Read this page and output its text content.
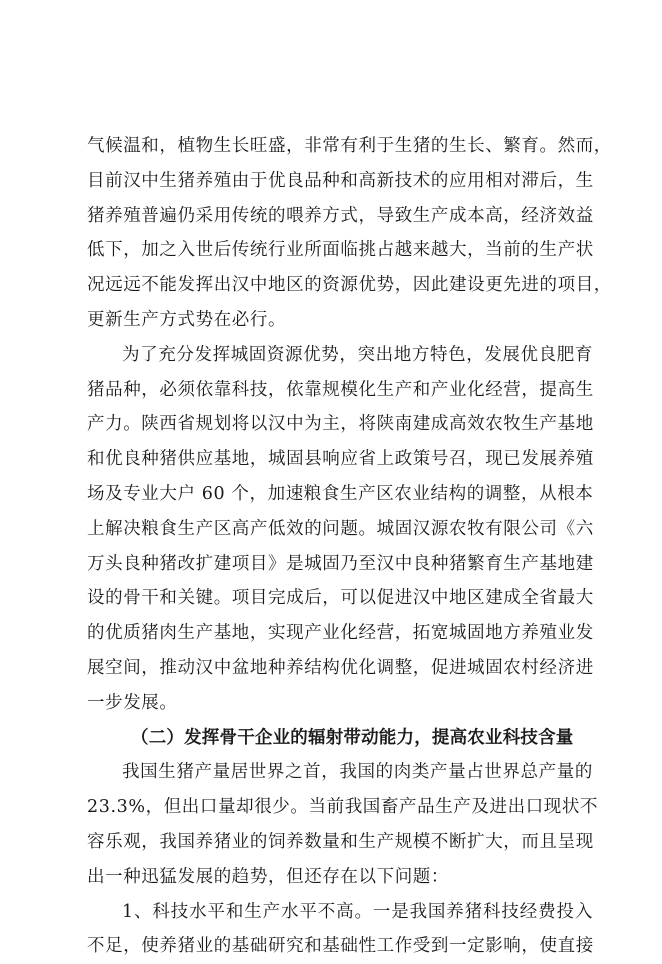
气候温和，植物生长旺盛，非常有利于生猪的生长、繁育。然而，
目前汉中生猪养殖由于优良品种和高新技术的应用相对滞后，生
猪养殖普遍仍采用传统的喂养方式，导致生产成本高，经济效益
低下，加之入世后传统行业所面临挑占越来越大，当前的生产状
况远远不能发挥出汉中地区的资源优势，因此建设更先进的项目，
更新生产方式势在必行。
为了充分发挥城固资源优势，突出地方特色，发展优良肥育
猪品种，必须依靠科技，依靠规模化生产和产业化经营，提高生
产力。陕西省规划将以汉中为主，将陕南建成高效农牧生产基地
和优良种猪供应基地，城固县响应省上政策号召，现已发展养殖
场及专业大户 60 个，加速粮食生产区农业结构的调整，从根本
上解决粮食生产区高产低效的问题。城固汉源农牧有限公司《六
万头良种猪改扩建项目》是城固乃至汉中良种猪繁育生产基地建
设的骨干和关键。项目完成后，可以促进汉中地区建成全省最大
的优质猪肉生产基地，实现产业化经营，拓宽城固地方养殖业发
展空间，推动汉中盆地种养结构优化调整，促进城固农村经济进
一步发展。
（二）发挥骨干企业的辐射带动能力，提高农业科技含量
我国生猪产量居世界之首，我国的肉类产量占世界总产量的
23.3%，但出口量却很少。当前我国畜产品生产及进出口现状不
容乐观，我国养猪业的饲养数量和生产规模不断扩大，而且呈现
出一种迅猛发展的趋势，但还存在以下问题：
1、科技水平和生产水平不高。一是我国养猪科技经费投入
不足，使养猪业的基础研究和基础性工作受到一定影响，使直接
